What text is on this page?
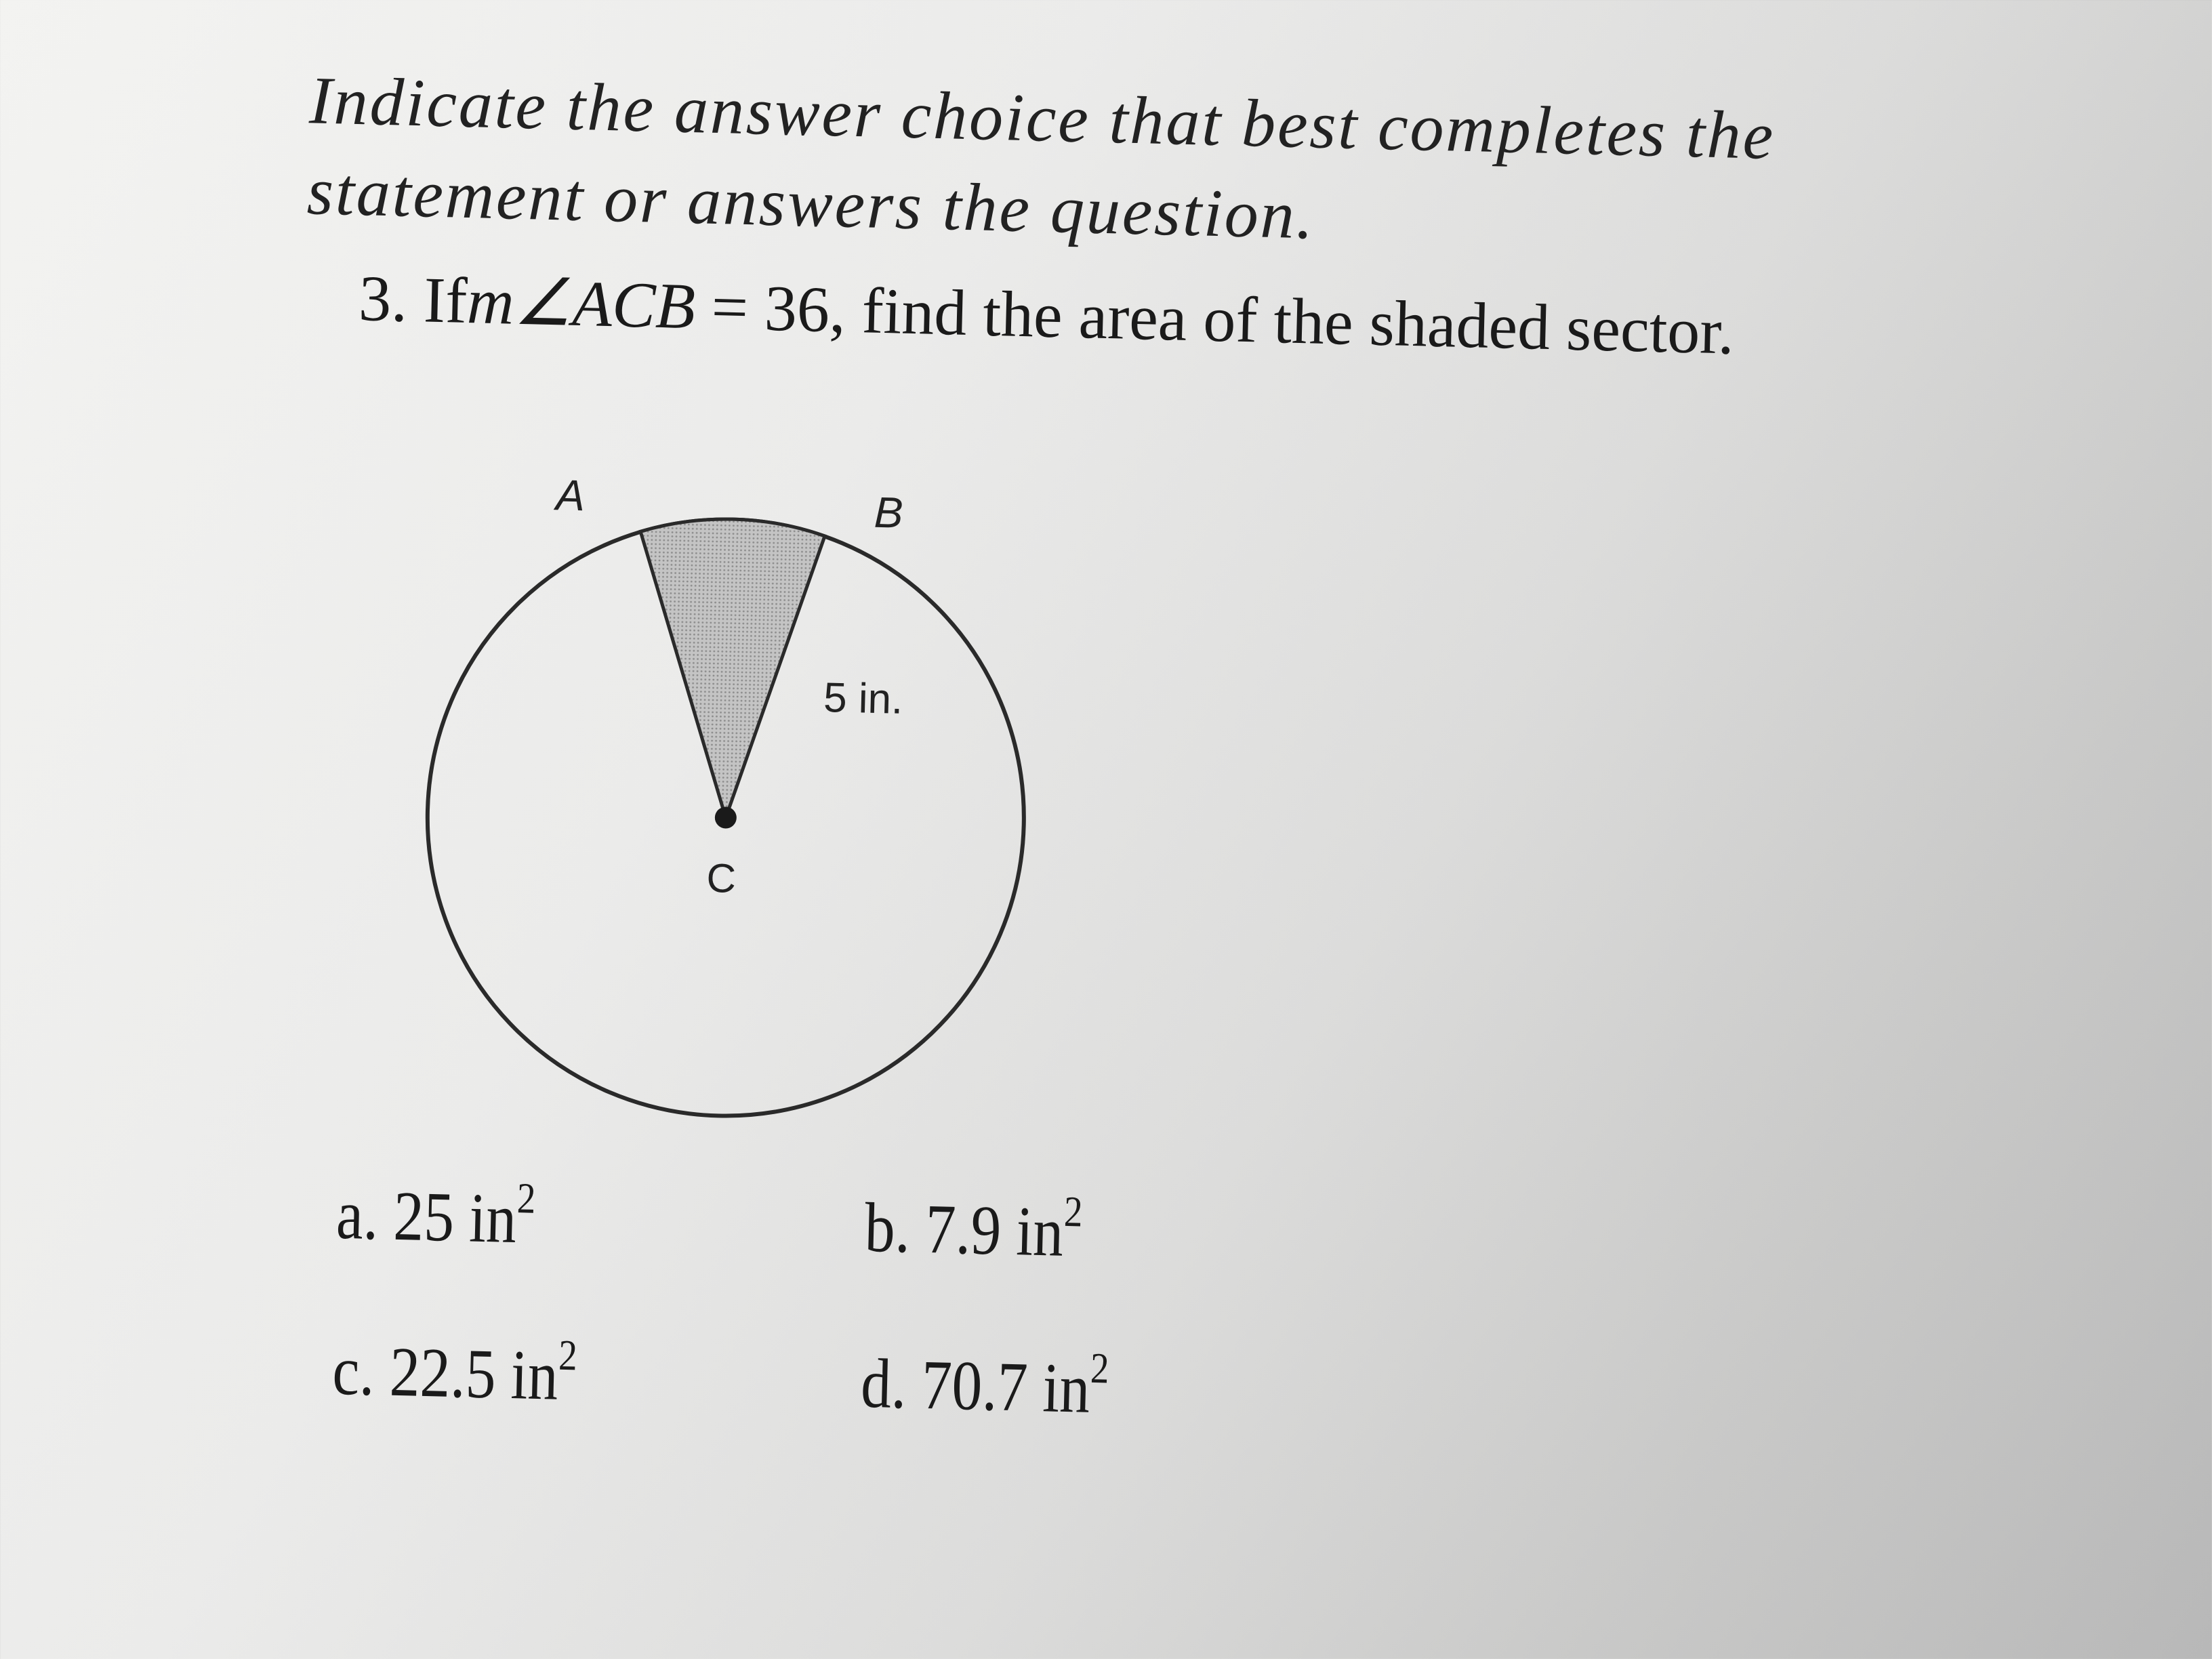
Indicate the answer choice that best completes the
statement or answers the question.
3. Ifm∠ACB = 36, find the area of the shaded sector.
A	B
C
5 in.
a. 25 $in^2$	b. 7.9 $in^2$
c. 22.5 $in^2$	d. 70.7 $in^2$
